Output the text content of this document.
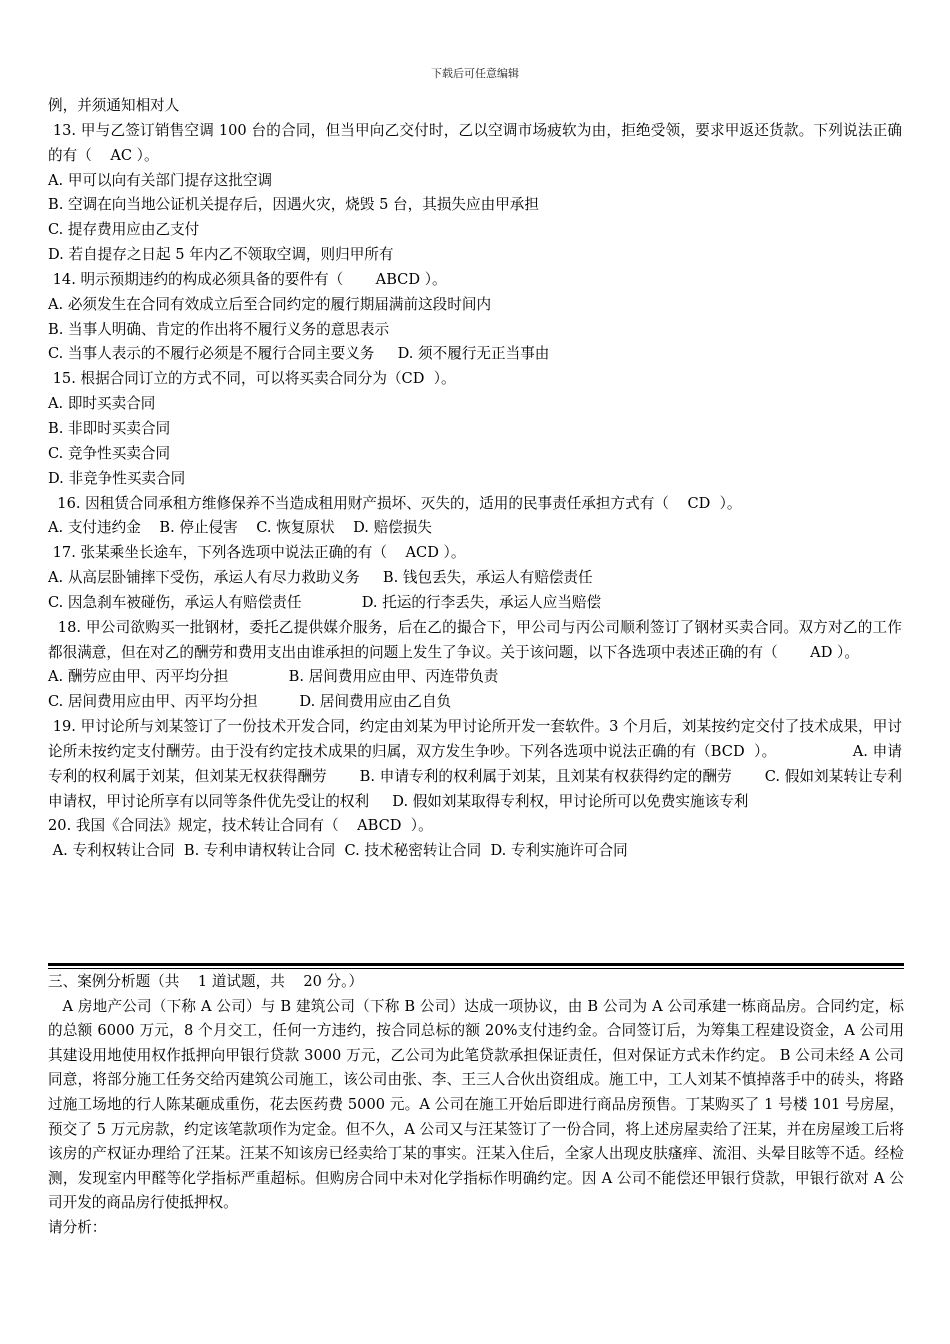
下载后可任意编辑

例，并须通知相对人

13. 甲与乙签订销售空调 100 台的合同，但当甲向乙交付时，乙以空调市场疲软为由，拒绝受领，要求甲返还货款。下列说法正确的有（    AC ）。

A. 甲可以向有关部门提存这批空调

B. 空调在向当地公证机关提存后，因遇火灾，烧毁 5 台，其损失应由甲承担

C. 提存费用应由乙支付

D. 若自提存之日起 5 年内乙不领取空调，则归甲所有

14. 明示预期违约的构成必须具备的要件有（       ABCD ）。

A. 必须发生在合同有效成立后至合同约定的履行期届满前这段时间内

B. 当事人明确、肯定的作出将不履行义务的意思表示

C. 当事人表示的不履行必须是不履行合同主要义务     D. 须不履行无正当事由

15. 根据合同订立的方式不同，可以将买卖合同分为（CD  ）。

A. 即时买卖合同

B. 非即时买卖合同

C. 竞争性买卖合同

D. 非竞争性买卖合同

16. 因租赁合同承租方维修保养不当造成租用财产损坏、灭失的，适用的民事责任承担方式有（    CD  ）。

A. 支付违约金    B. 停止侵害    C. 恢复原状    D. 赔偿损失

17. 张某乘坐长途车，下列各选项中说法正确的有（    ACD ）。

A. 从高层卧铺摔下受伤，承运人有尽力救助义务     B. 钱包丢失，承运人有赔偿责任

C. 因急刹车被碰伤，承运人有赔偿责任             D. 托运的行李丢失，承运人应当赔偿

18. 甲公司欲购买一批钢材，委托乙提供媒介服务，后在乙的撮合下，甲公司与丙公司顺利签订了钢材买卖合同。双方对乙的工作都很满意，但在对乙的酬劳和费用支出由谁承担的问题上发生了争议。关于该问题，以下各选项中表述正确的有（       AD ）。

A. 酬劳应由甲、丙平均分担             B. 居间费用应由甲、丙连带负责

C. 居间费用应由甲、丙平均分担         D. 居间费用应由乙自负

19. 甲讨论所与刘某签订了一份技术开发合同，约定由刘某为甲讨论所开发一套软件。3 个月后，刘某按约定交付了技术成果，甲讨论所未按约定支付酬劳。由于没有约定技术成果的归属，双方发生争吵。下列各选项中说法正确的有（BCD  ）。                A. 申请专利的权利属于刘某，但刘某无权获得酬劳       B. 申请专利的权利属于刘某，且刘某有权获得约定的酬劳       C. 假如刘某转让专利申请权，甲讨论所享有以同等条件优先受让的权利     D. 假如刘某取得专利权，甲讨论所可以免费实施该专利

20. 我国《合同法》规定，技术转让合同有（    ABCD  ）。

A. 专利权转让合同  B. 专利申请权转让合同  C. 技术秘密转让合同  D. 专利实施许可合同

三、案例分析题（共    1 道试题，共    20 分。）

A 房地产公司（下称 A 公司）与 B 建筑公司（下称 B 公司）达成一项协议，由 B 公司为 A 公司承建一栋商品房。合同约定，标的总额 6000 万元，8 个月交工，任何一方违约，按合同总标的额 20%支付违约金。合同签订后，为筹集工程建设资金，A 公司用其建设用地使用权作抵押向甲银行贷款 3000 万元，乙公司为此笔贷款承担保证责任，但对保证方式未作约定。 B 公司未经 A 公司同意，将部分施工任务交给丙建筑公司施工，该公司由张、李、王三人合伙出资组成。施工中，工人刘某不慎掉落手中的砖头，将路过施工场地的行人陈某砸成重伤，花去医药费 5000 元。A 公司在施工开始后即进行商品房预售。丁某购买了 1 号楼 101 号房屋，预交了 5 万元房款，约定该笔款项作为定金。但不久，A 公司又与汪某签订了一份合同，将上述房屋卖给了汪某，并在房屋竣工后将该房的产权证办理给了汪某。汪某不知该房已经卖给丁某的事实。汪某入住后，全家人出现皮肤瘙痒、流泪、头晕目眩等不适。经检测，发现室内甲醛等化学指标严重超标。但购房合同中未对化学指标作明确约定。因 A 公司不能偿还甲银行贷款，甲银行欲对 A 公司开发的商品房行使抵押权。

请分析：
